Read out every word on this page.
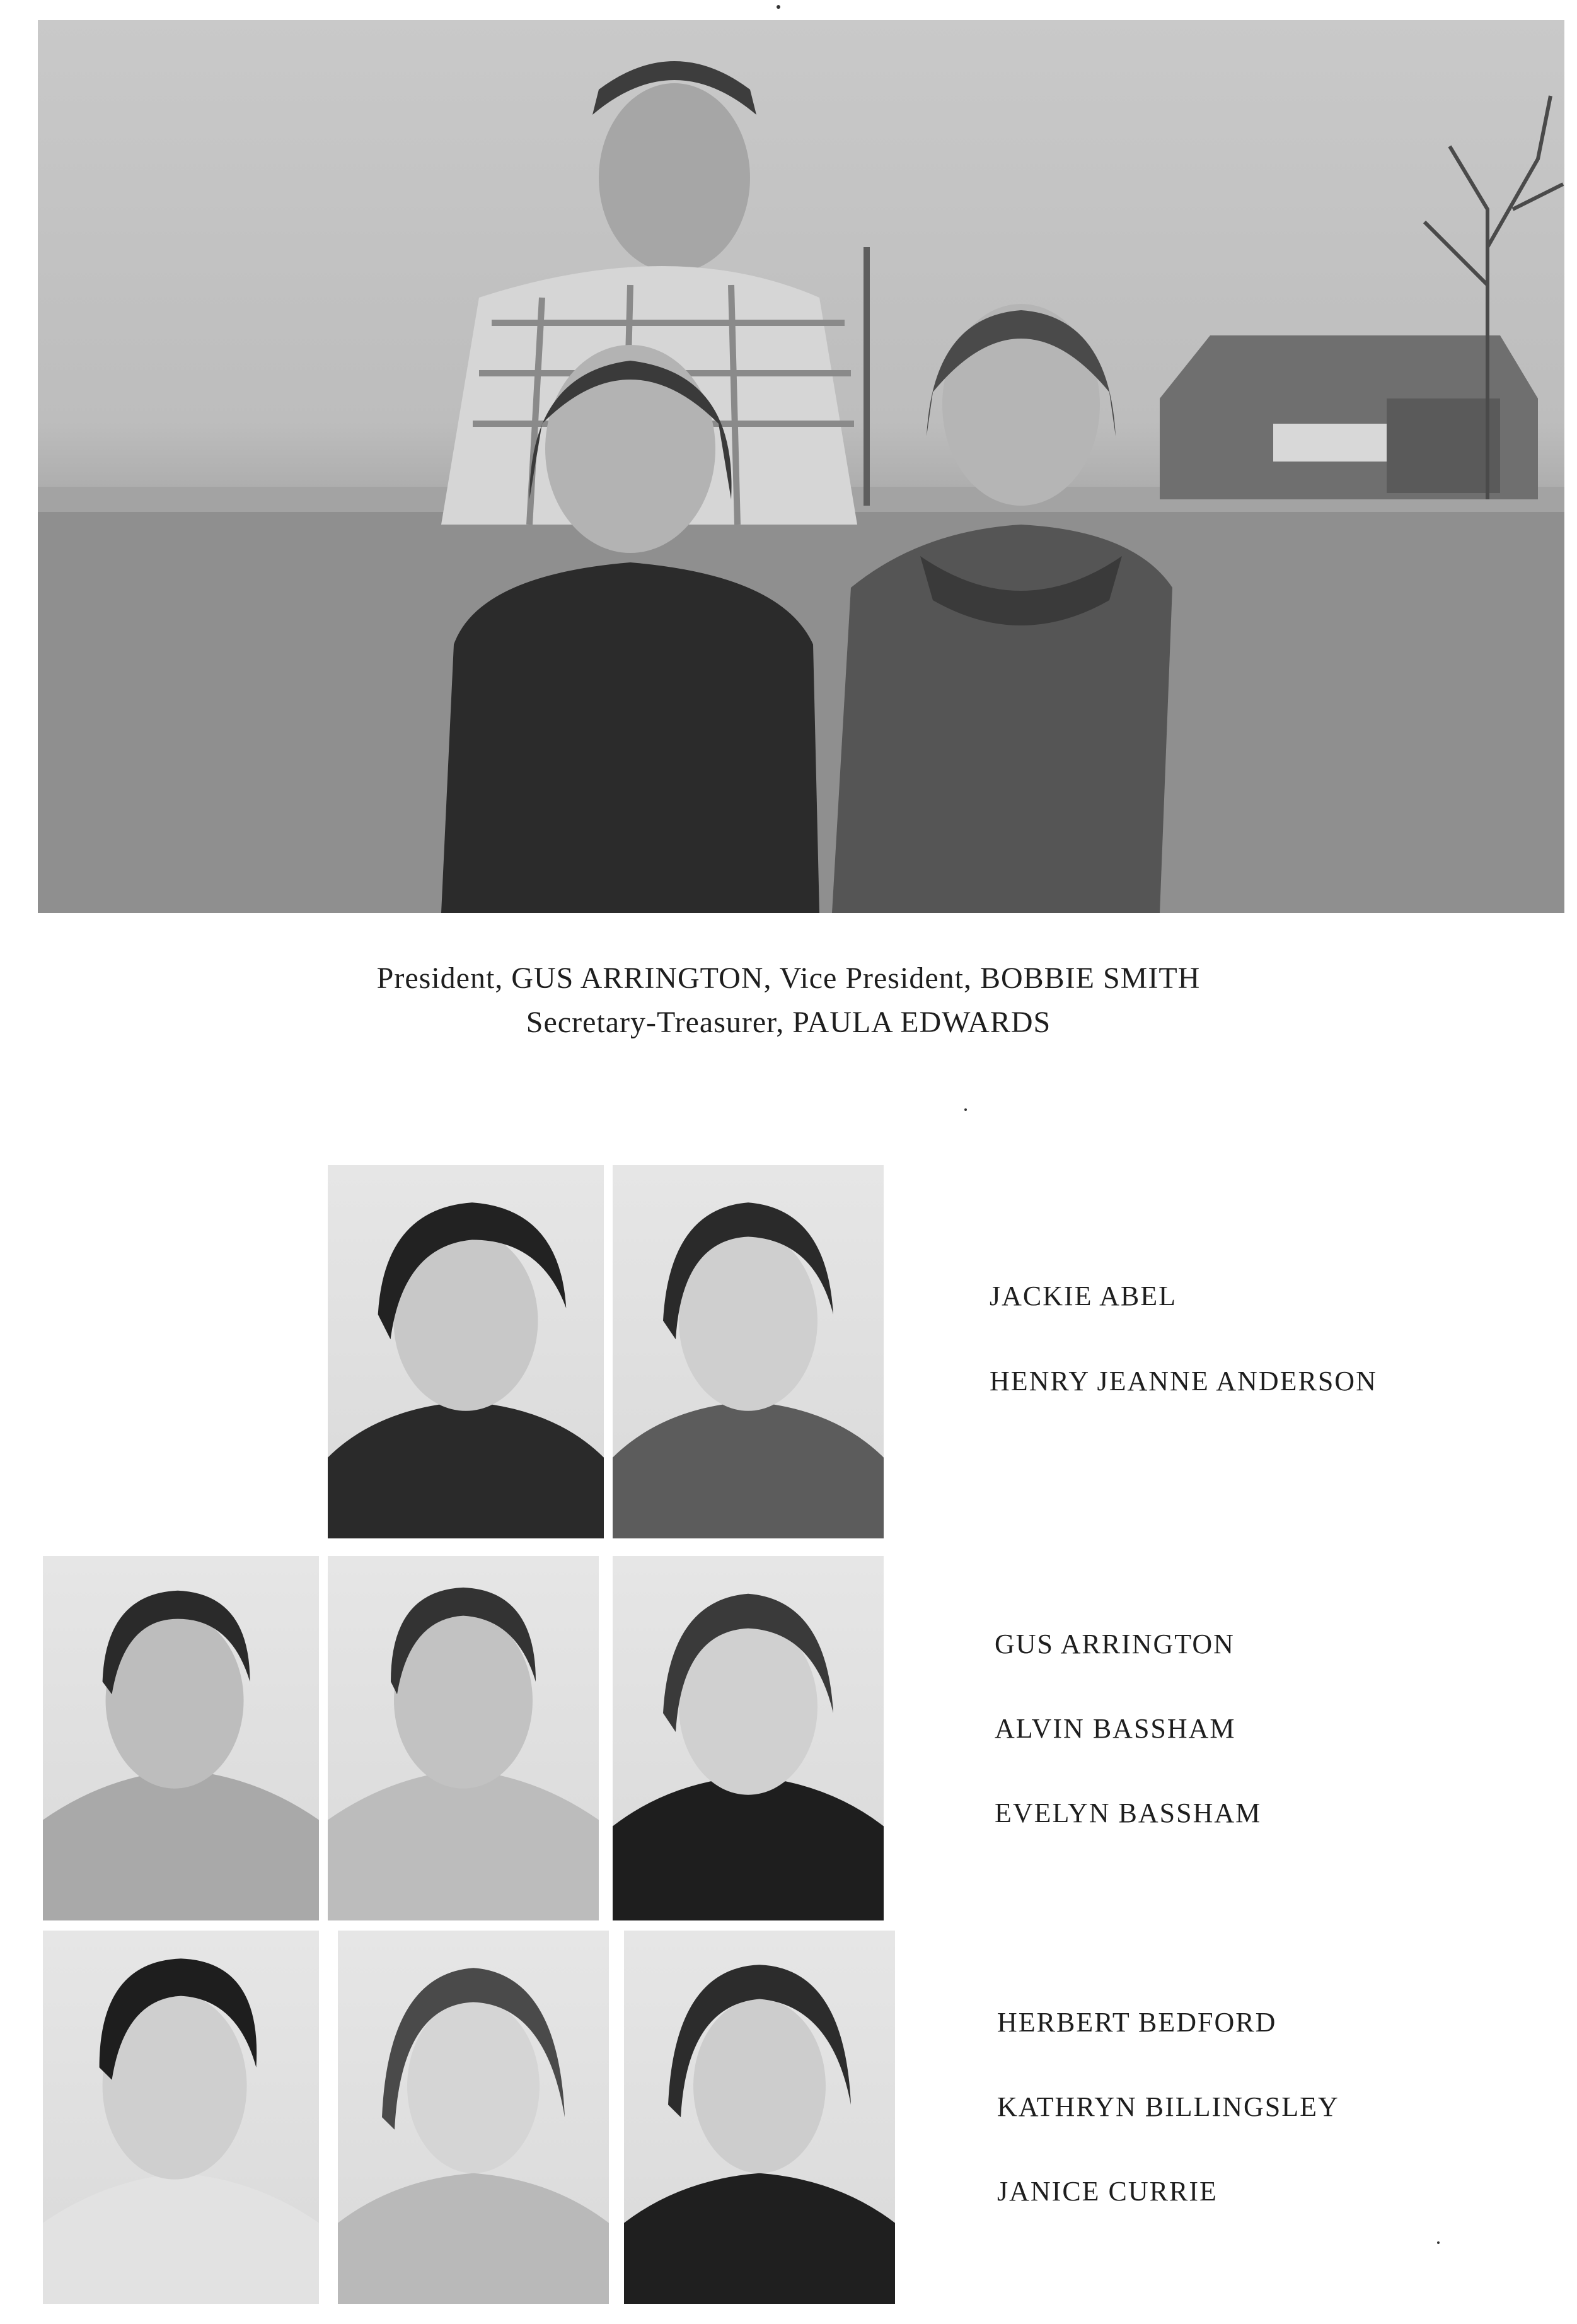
President, GUS ARRINGTON, Vice President, BOBBIE SMITH
Secretary-Treasurer, PAULA EDWARDS
JACKIE ABEL
HENRY JEANNE ANDERSON
GUS ARRINGTON
ALVIN BASSHAM
EVELYN BASSHAM
HERBERT BEDFORD
KATHRYN BILLINGSLEY
JANICE CURRIE
